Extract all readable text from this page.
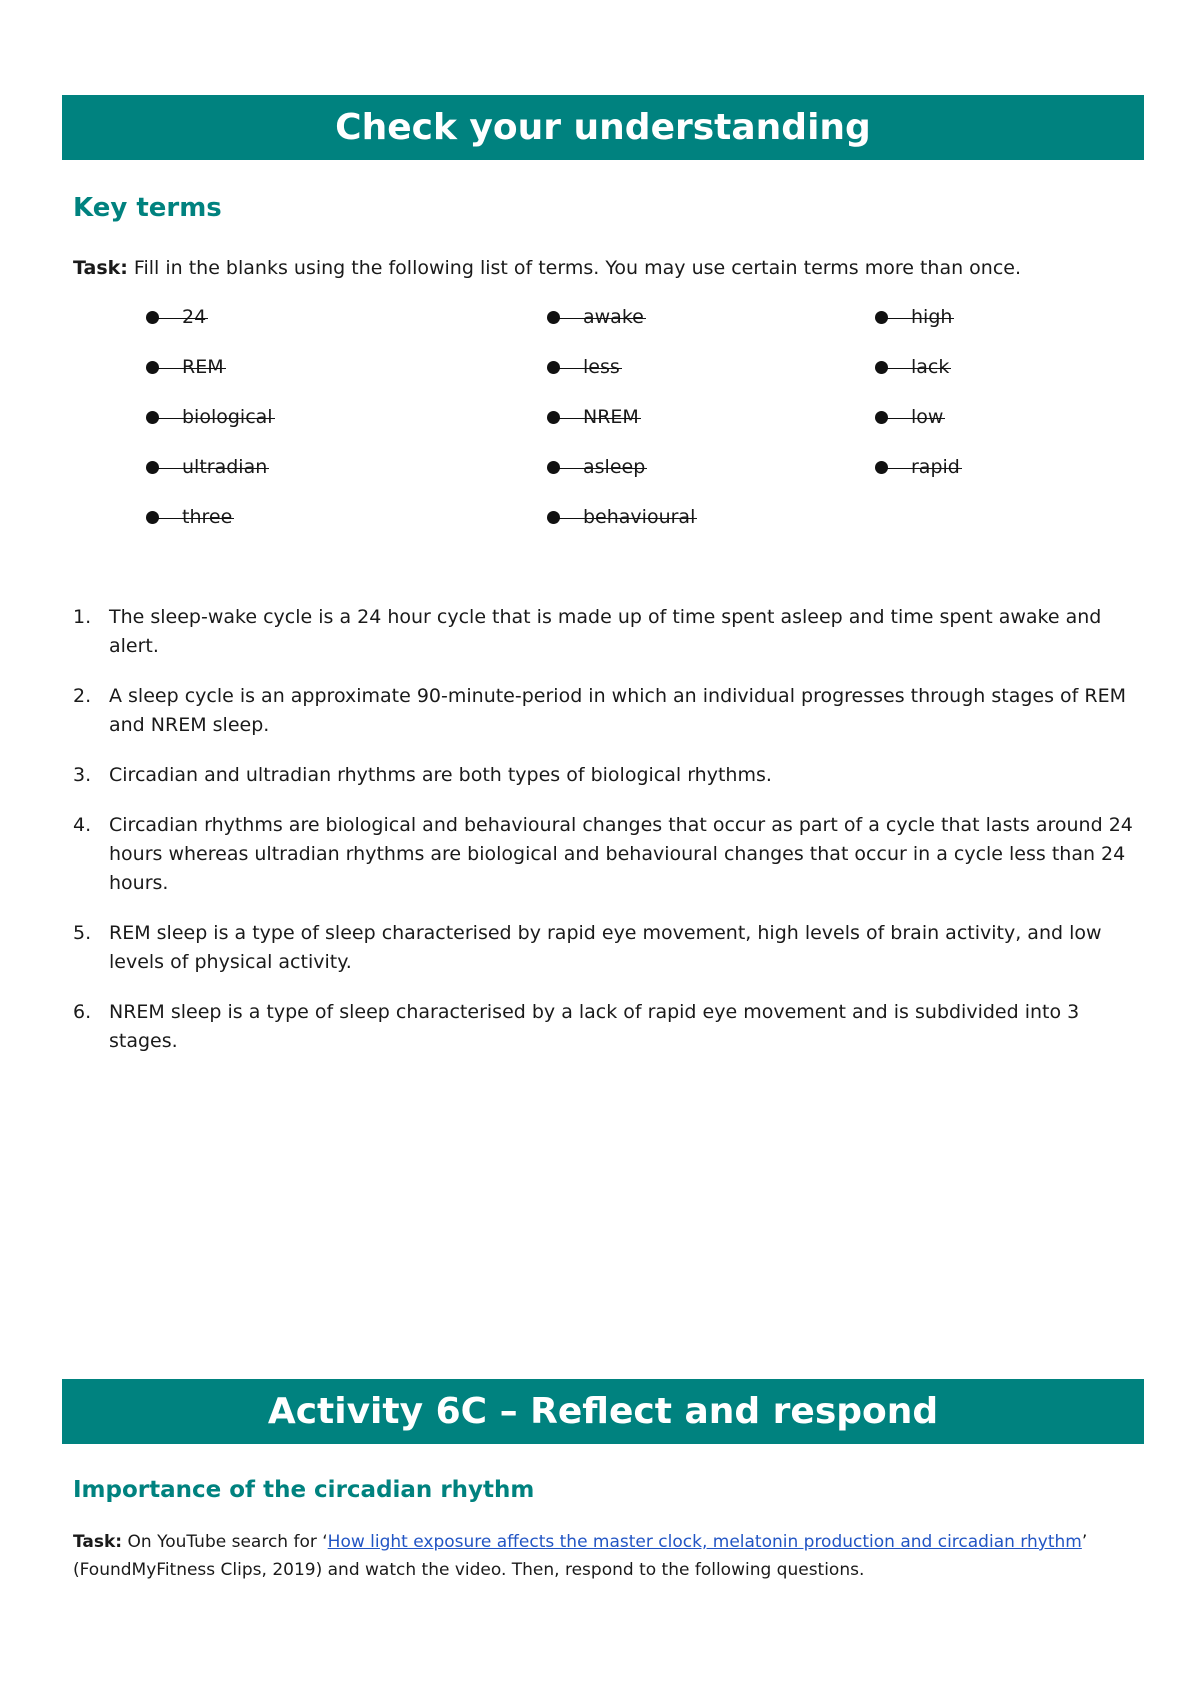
Check your understanding
Key terms
Task: Fill in the blanks using the following list of terms. You may use certain terms more than once.
24
REM
biological
ultradian
three
awake
less
NREM
asleep
behavioural
high
lack
low
rapid
1. The sleep-wake cycle is a 24 hour cycle that is made up of time spent asleep and time spent awake and alert.
2. A sleep cycle is an approximate 90-minute-period in which an individual progresses through stages of REM and NREM sleep.
3. Circadian and ultradian rhythms are both types of biological rhythms.
4. Circadian rhythms are biological and behavioural changes that occur as part of a cycle that lasts around 24 hours whereas ultradian rhythms are biological and behavioural changes that occur in a cycle less than 24 hours.
5. REM sleep is a type of sleep characterised by rapid eye movement, high levels of brain activity, and low levels of physical activity.
6. NREM sleep is a type of sleep characterised by a lack of rapid eye movement and is subdivided into 3 stages.
Activity 6C – Reflect and respond
Importance of the circadian rhythm
Task: On YouTube search for ‘How light exposure affects the master clock, melatonin production and circadian rhythm’ (FoundMyFitness Clips, 2019) and watch the video. Then, respond to the following questions.
